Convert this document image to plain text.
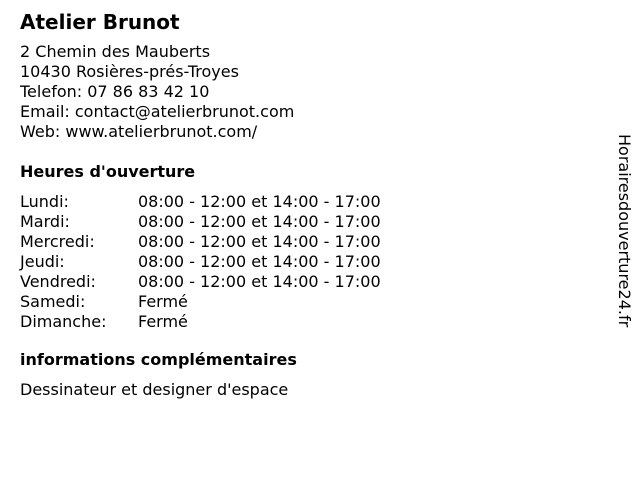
Atelier Brunot
2 Chemin des Mauberts
10430 Rosières-prés-Troyes
Telefon: 07 86 83 42 10
Email: contact@atelierbrunot.com
Web: www.atelierbrunot.com/
Heures d'ouverture
Lundi:	08:00 - 12:00 et 14:00 - 17:00
Mardi:	08:00 - 12:00 et 14:00 - 17:00
Mercredi:	08:00 - 12:00 et 14:00 - 17:00
Jeudi:	08:00 - 12:00 et 14:00 - 17:00
Vendredi:	08:00 - 12:00 et 14:00 - 17:00
Samedi:	Fermé
Dimanche:	Fermé
informations complémentaires
Dessinateur et designer d'espace
Horairesdouverture24.fr
